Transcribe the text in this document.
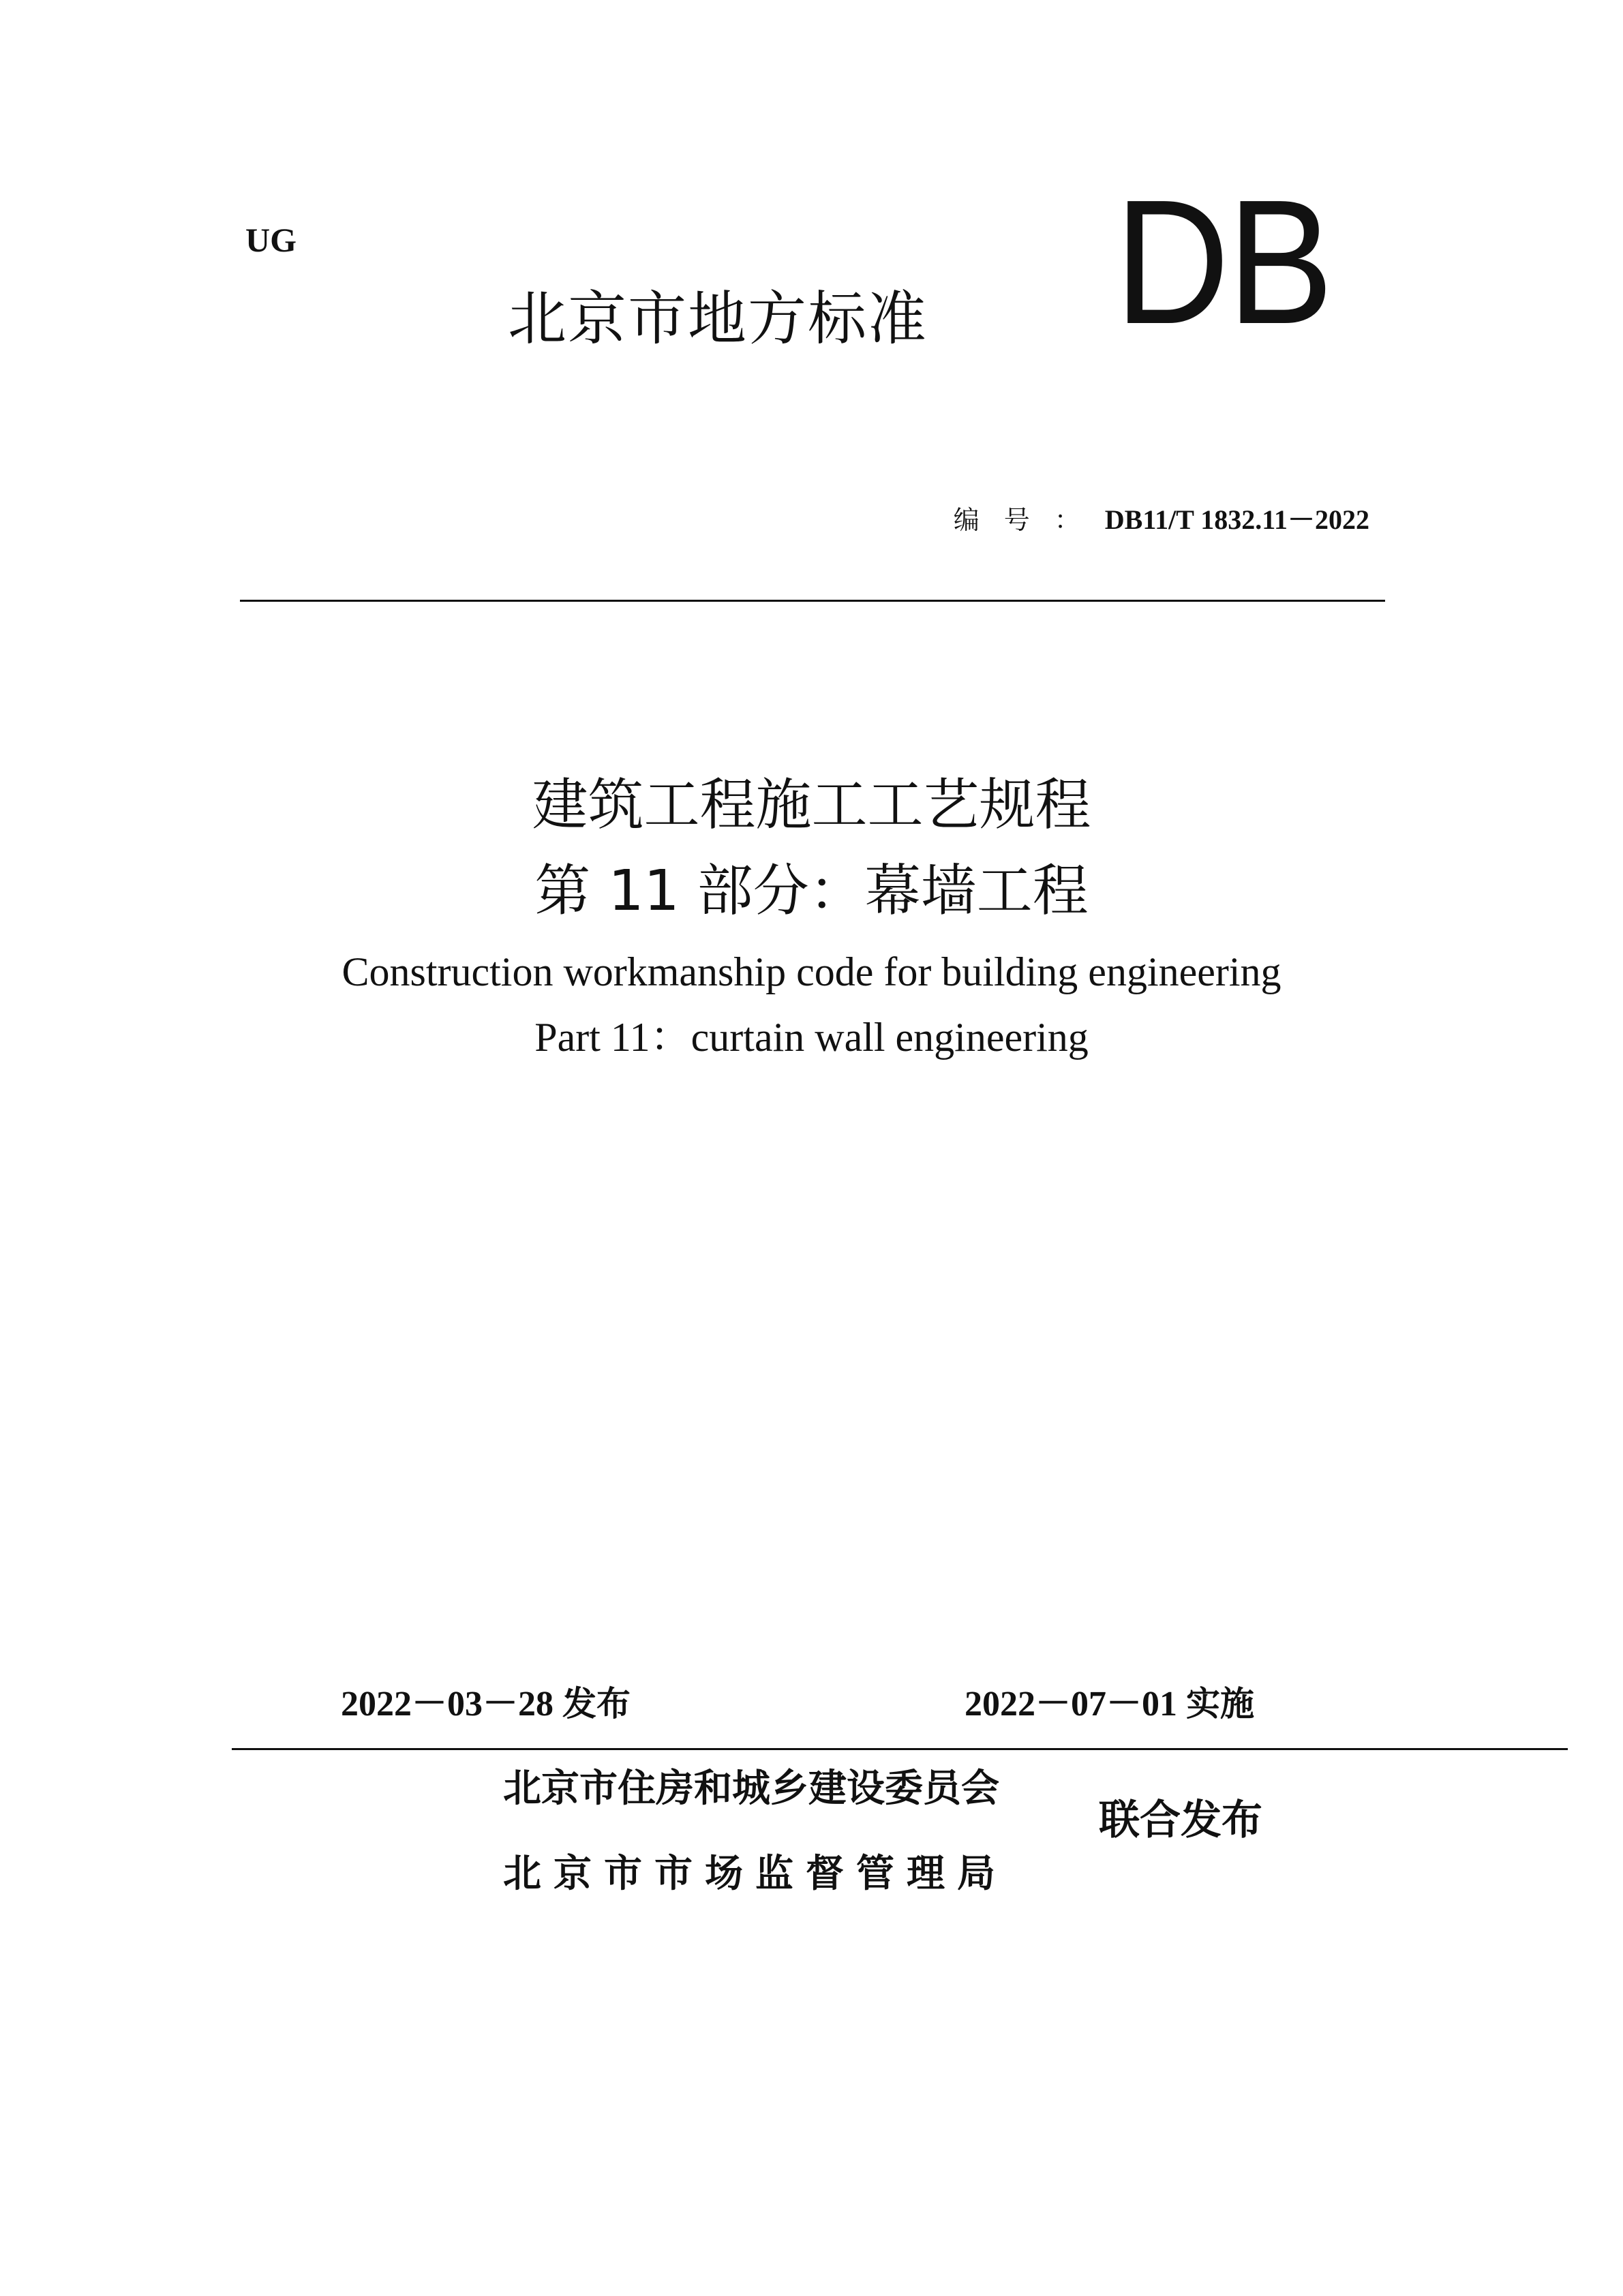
UG	DB
北京市地方标准
编号：DB11/T 1832.11－2022
建筑工程施工工艺规程
第 11 部分：幕墙工程
Construction workmanship code for building engineering
Part 11：curtain wall engineering
2022－03－28 发布	2022－07－01 实施
北京市住房和城乡建设委员会
北京市市场监督管理局
联合发布
